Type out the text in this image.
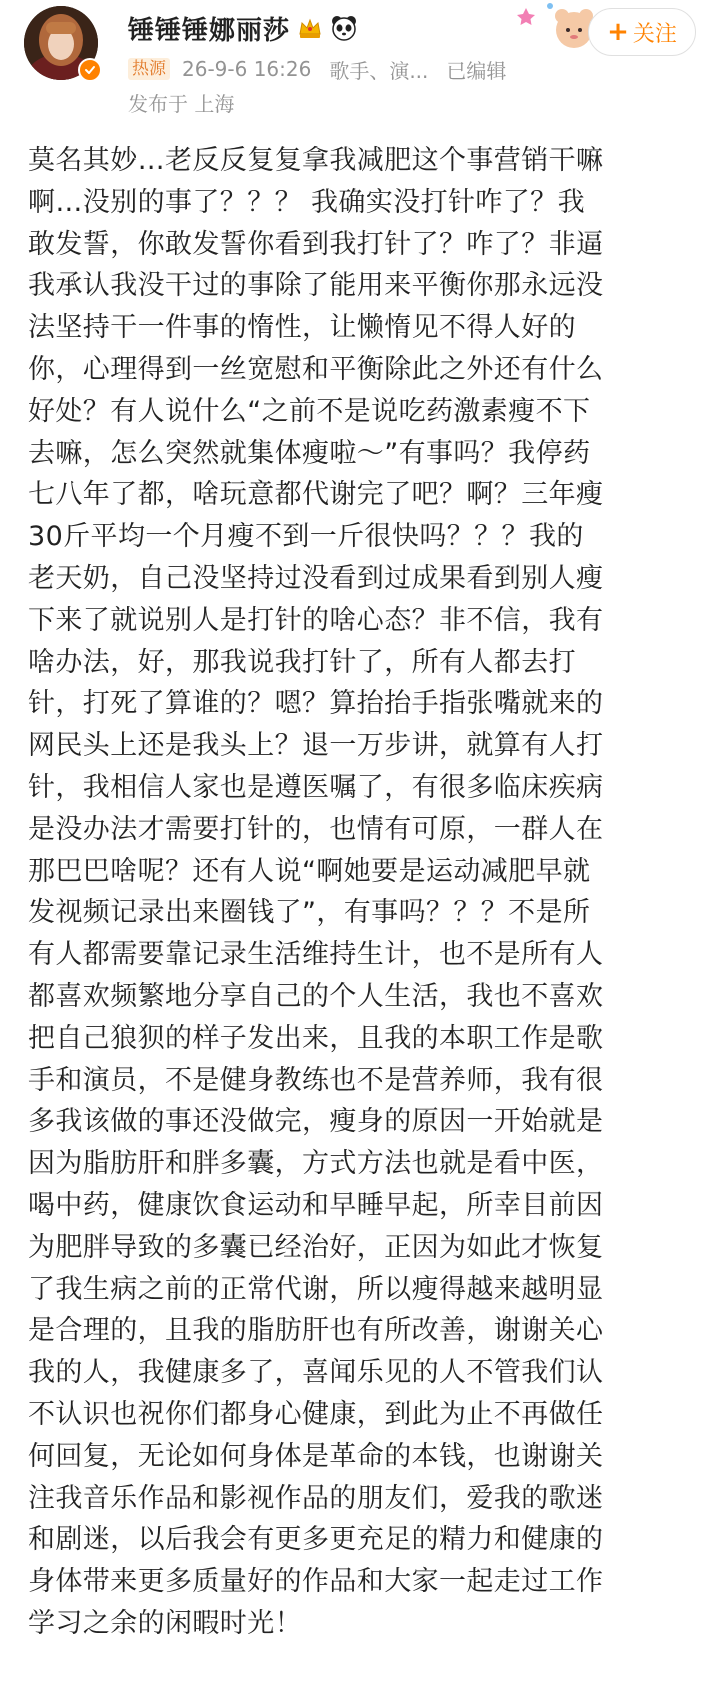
锤锤锤娜丽莎	+ 关注
热源 26-9-6 16:26 歌手、演... 已编辑
发布于 上海
莫名其妙…老反反复复拿我减肥这个事营销干嘛
啊…没别的事了？？？ 我确实没打针咋了？我
敢发誓，你敢发誓你看到我打针了？咋了？非逼
我承认我没干过的事除了能用来平衡你那永远没
法坚持干一件事的惰性，让懒惰见不得人好的
你，心理得到一丝宽慰和平衡除此之外还有什么
好处？有人说什么“之前不是说吃药激素瘦不下
去嘛，怎么突然就集体瘦啦～”有事吗？我停药
七八年了都，啥玩意都代谢完了吧？啊？三年瘦
30斤平均一个月瘦不到一斤很快吗？？？我的
老天奶，自己没坚持过没看到过成果看到别人瘦
下来了就说别人是打针的啥心态？非不信，我有
啥办法，好，那我说我打针了，所有人都去打
针，打死了算谁的？嗯？算抬抬手指张嘴就来的
网民头上还是我头上？退一万步讲，就算有人打
针，我相信人家也是遵医嘱了，有很多临床疾病
是没办法才需要打针的，也情有可原，一群人在
那巴巴啥呢？还有人说“啊她要是运动减肥早就
发视频记录出来圈钱了”，有事吗？？？不是所
有人都需要靠记录生活维持生计，也不是所有人
都喜欢频繁地分享自己的个人生活，我也不喜欢
把自己狼狈的样子发出来，且我的本职工作是歌
手和演员，不是健身教练也不是营养师，我有很
多我该做的事还没做完，瘦身的原因一开始就是
因为脂肪肝和胖多囊，方式方法也就是看中医，
喝中药，健康饮食运动和早睡早起，所幸目前因
为肥胖导致的多囊已经治好，正因为如此才恢复
了我生病之前的正常代谢，所以瘦得越来越明显
是合理的，且我的脂肪肝也有所改善，谢谢关心
我的人，我健康多了，喜闻乐见的人不管我们认
不认识也祝你们都身心健康，到此为止不再做任
何回复，无论如何身体是革命的本钱，也谢谢关
注我音乐作品和影视作品的朋友们，爱我的歌迷
和剧迷，以后我会有更多更充足的精力和健康的
身体带来更多质量好的作品和大家一起走过工作
学习之余的闲暇时光！
